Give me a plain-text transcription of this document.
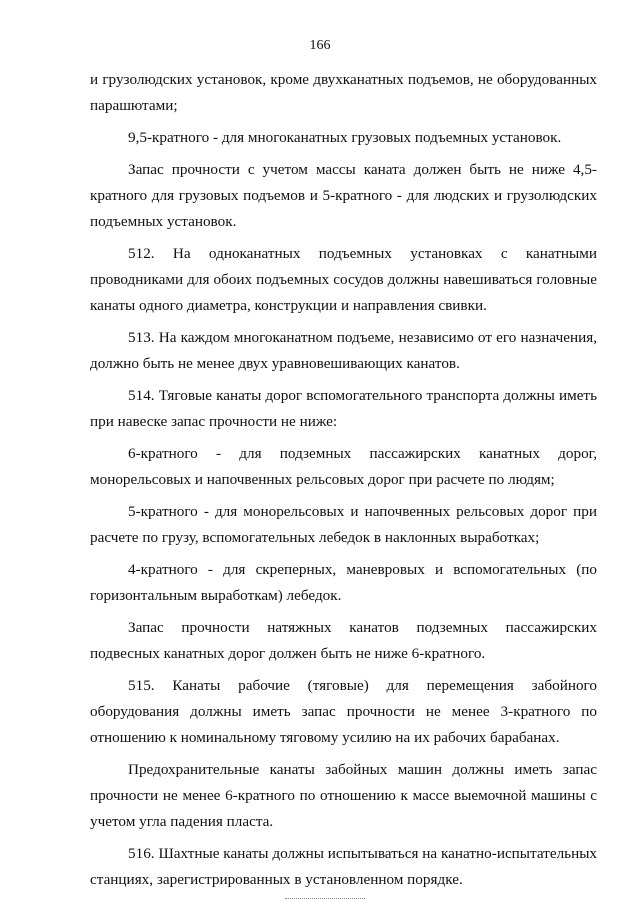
166

и грузолюдских установок, кроме двухканатных подъемов, не оборудованных парашютами;

9,5-кратного - для многоканатных грузовых подъемных установок.

Запас прочности с учетом массы каната должен быть не ниже 4,5-кратного для грузовых подъемов и 5-кратного - для людских и грузолюдских подъемных установок.

512. На одноканатных подъемных установках с канатными проводниками для обоих подъемных сосудов должны навешиваться головные канаты одного диаметра, конструкции и направления свивки.

513. На каждом многоканатном подъеме, независимо от его назначения, должно быть не менее двух уравновешивающих канатов.

514. Тяговые канаты дорог вспомогательного транспорта должны иметь при навеске запас прочности не ниже:

6-кратного - для подземных пассажирских канатных дорог, монорельсовых и напочвенных рельсовых дорог при расчете по людям;

5-кратного - для монорельсовых и напочвенных рельсовых дорог при расчете по грузу, вспомогательных лебедок в наклонных выработках;

4-кратного - для скреперных, маневровых и вспомогательных (по горизонтальным выработкам) лебедок.

Запас прочности натяжных канатов подземных пассажирских подвесных канатных дорог должен быть не ниже 6-кратного.

515. Канаты рабочие (тяговые) для перемещения забойного оборудования должны иметь запас прочности не менее 3-кратного по отношению к номинальному тяговому усилию на их рабочих барабанах.

Предохранительные канаты забойных машин должны иметь запас прочности не менее 6-кратного по отношению к массе выемочной машины с учетом угла падения пласта.

516. Шахтные канаты должны испытываться на канатно-испытательных станциях, зарегистрированных в установленном порядке.
